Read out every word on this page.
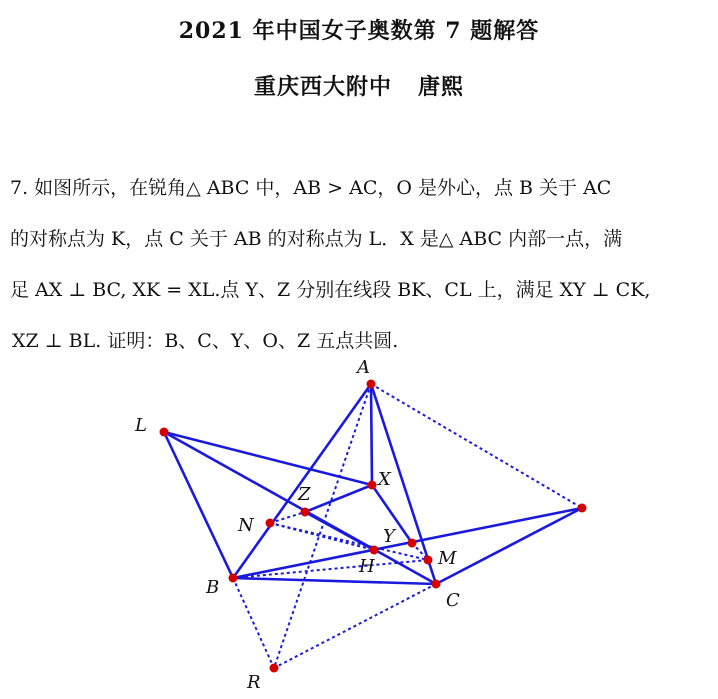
2021 年中国女子奥数第 7 题解答
重庆西大附中   唐熙
7. 如图所示，在锐角△ ABC 中，AB > AC，O 是外心，点 B 关于 AC
的对称点为 K，点 C 关于 AB 的对称点为 L．X 是△ ABC 内部一点，满
足 AX ⊥ BC, XK = XL.点 Y、Z 分别在线段 BK、CL 上，满足 XY ⊥ CK,
XZ ⊥ BL. 证明：B、C、Y、O、Z 五点共圆.
A
L
X
Z
N
Y
H	M
B
C
R
